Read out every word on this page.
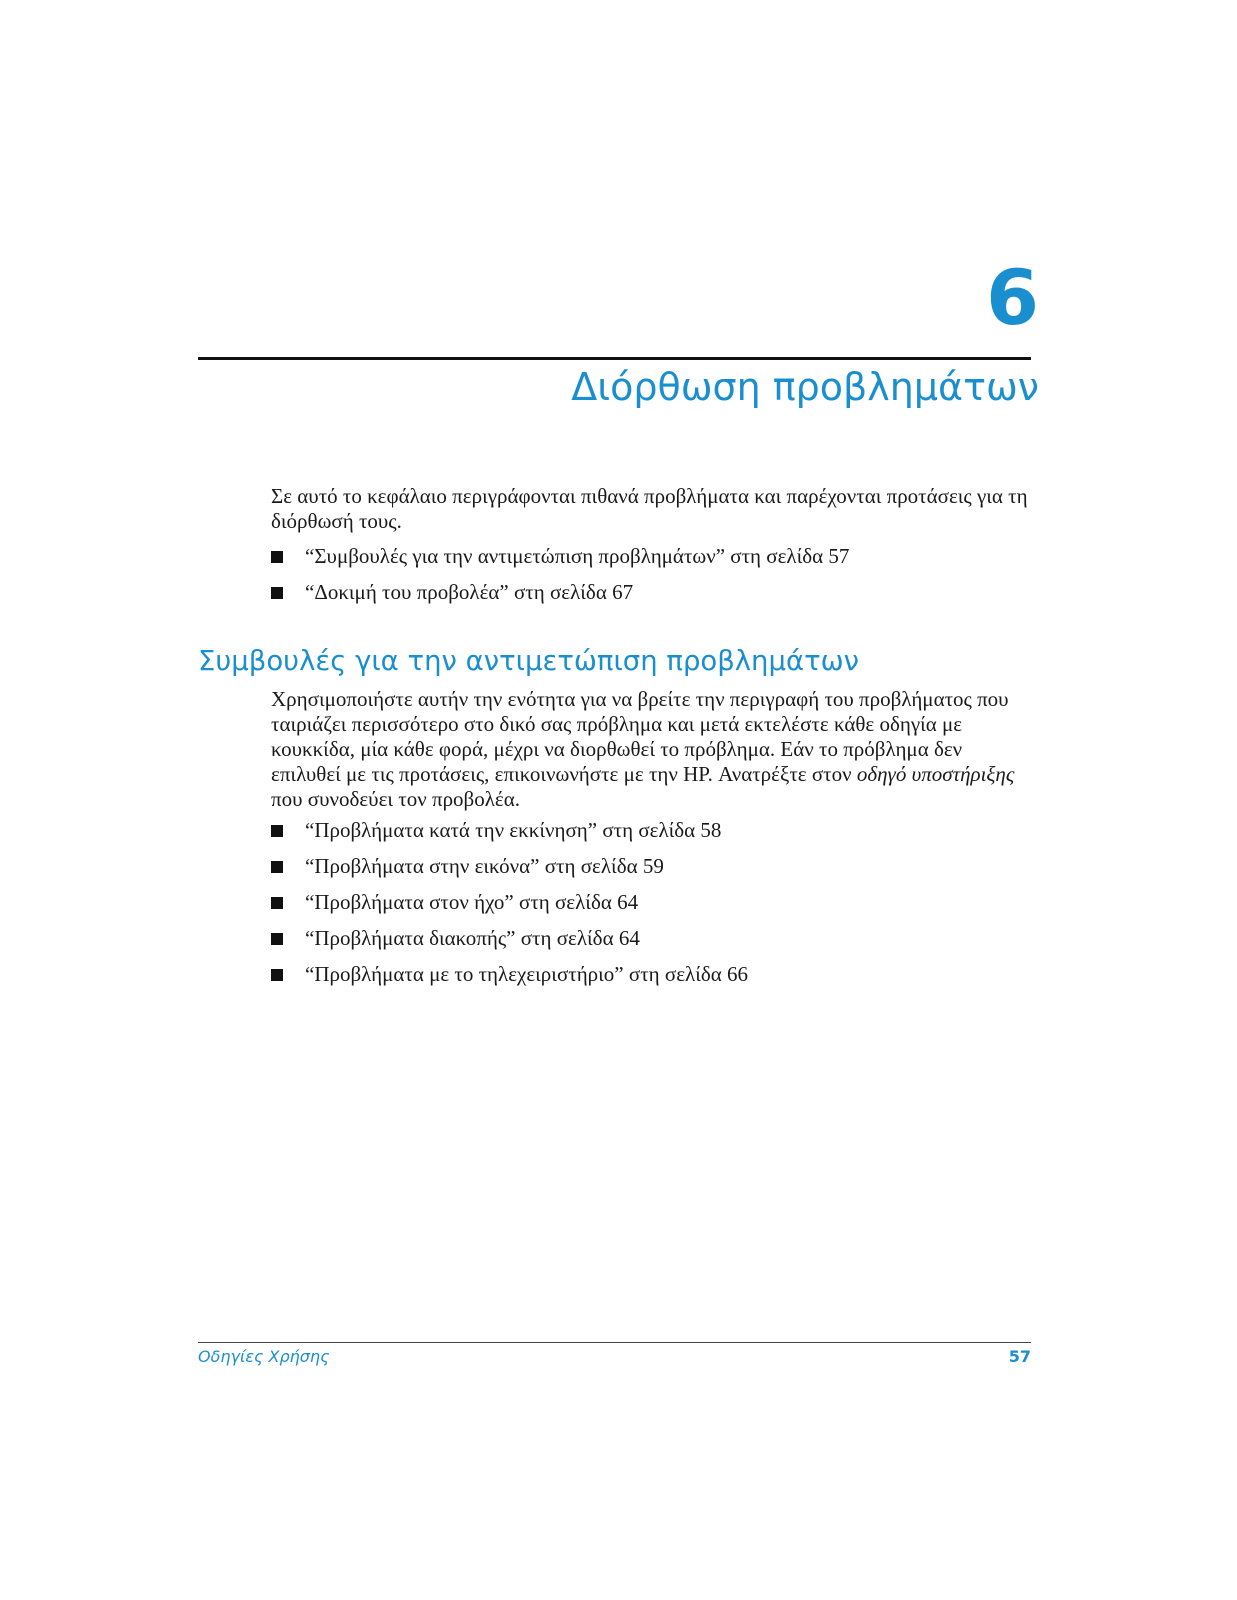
6
Διόρθωση προβλημάτων

Σε αυτό το κεφάλαιο περιγράφονται πιθανά προβλήματα και παρέχονται προτάσεις για τη διόρθωσή τους.

“Συμβουλές για την αντιμετώπιση προβλημάτων” στη σελίδα 57
“Δοκιμή του προβολέα” στη σελίδα 67
Συμβουλές για την αντιμετώπιση προβλημάτων

Χρησιμοποιήστε αυτήν την ενότητα για να βρείτε την περιγραφή του προβλήματος που ταιριάζει περισσότερο στο δικό σας πρόβλημα και μετά εκτελέστε κάθε οδηγία με κουκκίδα, μία κάθε φορά, μέχρι να διορθωθεί το πρόβλημα. Εάν το πρόβλημα δεν επιλυθεί με τις προτάσεις, επικοινωνήστε με την HP. Ανατρέξτε στον οδηγό υποστήριξης που συνοδεύει τον προβολέα.

“Προβλήματα κατά την εκκίνηση” στη σελίδα 58
“Προβλήματα στην εικόνα” στη σελίδα 59
“Προβλήματα στον ήχο” στη σελίδα 64
“Προβλήματα διακοπής” στη σελίδα 64
“Προβλήματα με το τηλεχειριστήριο” στη σελίδα 66
Οδηγίες Χρήσης	57
